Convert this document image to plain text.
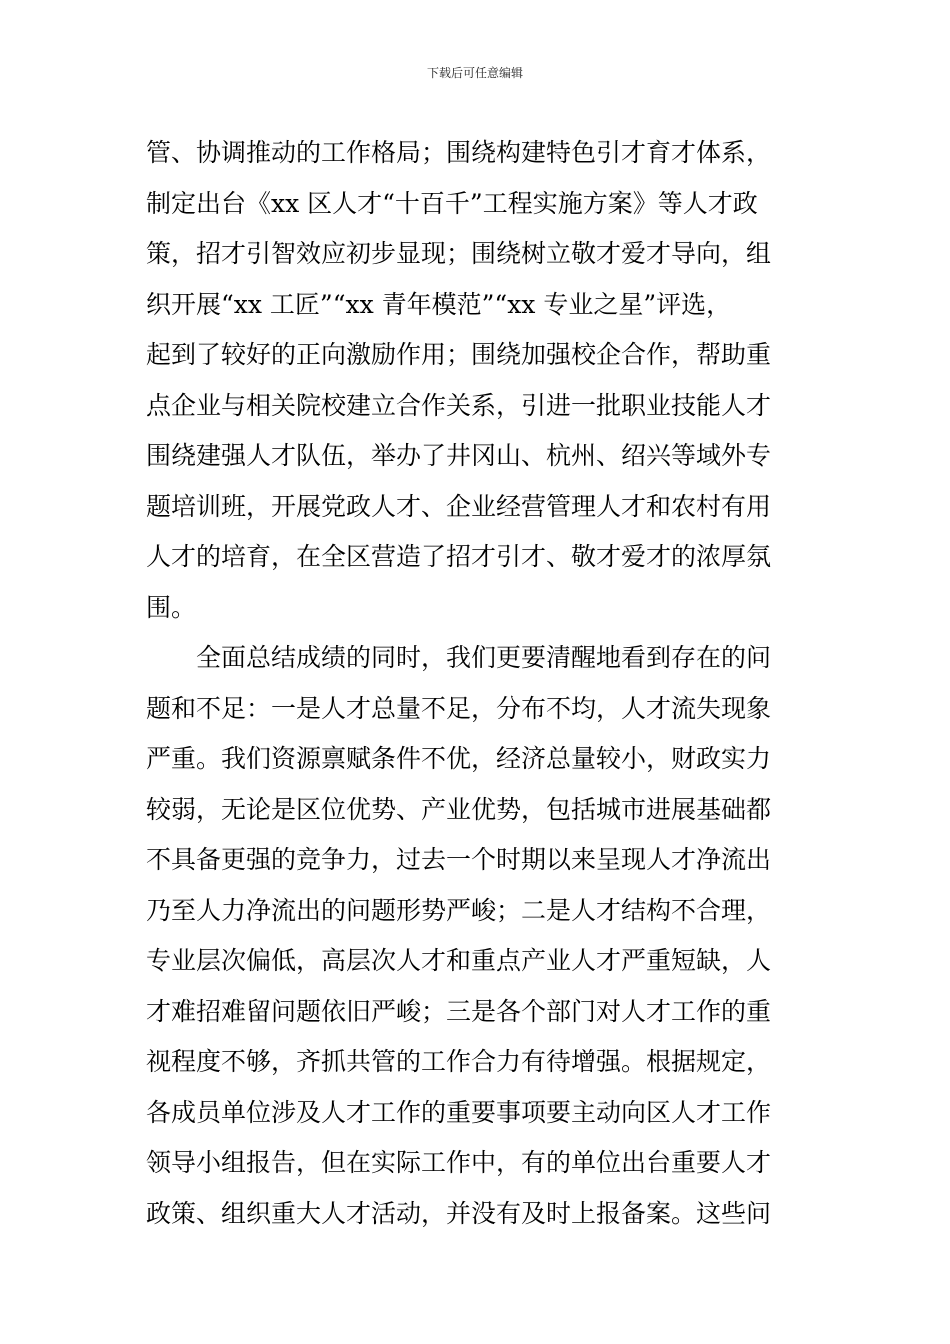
下载后可任意编辑
管、协调推动的工作格局；围绕构建特色引才育才体系，
制定出台《xx 区人才“十百千”工程实施方案》等人才政
策，招才引智效应初步显现；围绕树立敬才爱才导向，组
织开展“xx 工匠”“xx 青年模范”“xx 专业之星”评选，
起到了较好的正向激励作用；围绕加强校企合作，帮助重
点企业与相关院校建立合作关系，引进一批职业技能人才
围绕建强人才队伍，举办了井冈山、杭州、绍兴等域外专
题培训班，开展党政人才、企业经营管理人才和农村有用
人才的培育，在全区营造了招才引才、敬才爱才的浓厚氛
围。
全面总结成绩的同时，我们更要清醒地看到存在的问
题和不足：一是人才总量不足，分布不均，人才流失现象
严重。我们资源禀赋条件不优，经济总量较小，财政实力
较弱，无论是区位优势、产业优势，包括城市进展基础都
不具备更强的竞争力，过去一个时期以来呈现人才净流出
乃至人力净流出的问题形势严峻；二是人才结构不合理，
专业层次偏低，高层次人才和重点产业人才严重短缺，人
才难招难留问题依旧严峻；三是各个部门对人才工作的重
视程度不够，齐抓共管的工作合力有待增强。根据规定，
各成员单位涉及人才工作的重要事项要主动向区人才工作
领导小组报告，但在实际工作中，有的单位出台重要人才
政策、组织重大人才活动，并没有及时上报备案。这些问
